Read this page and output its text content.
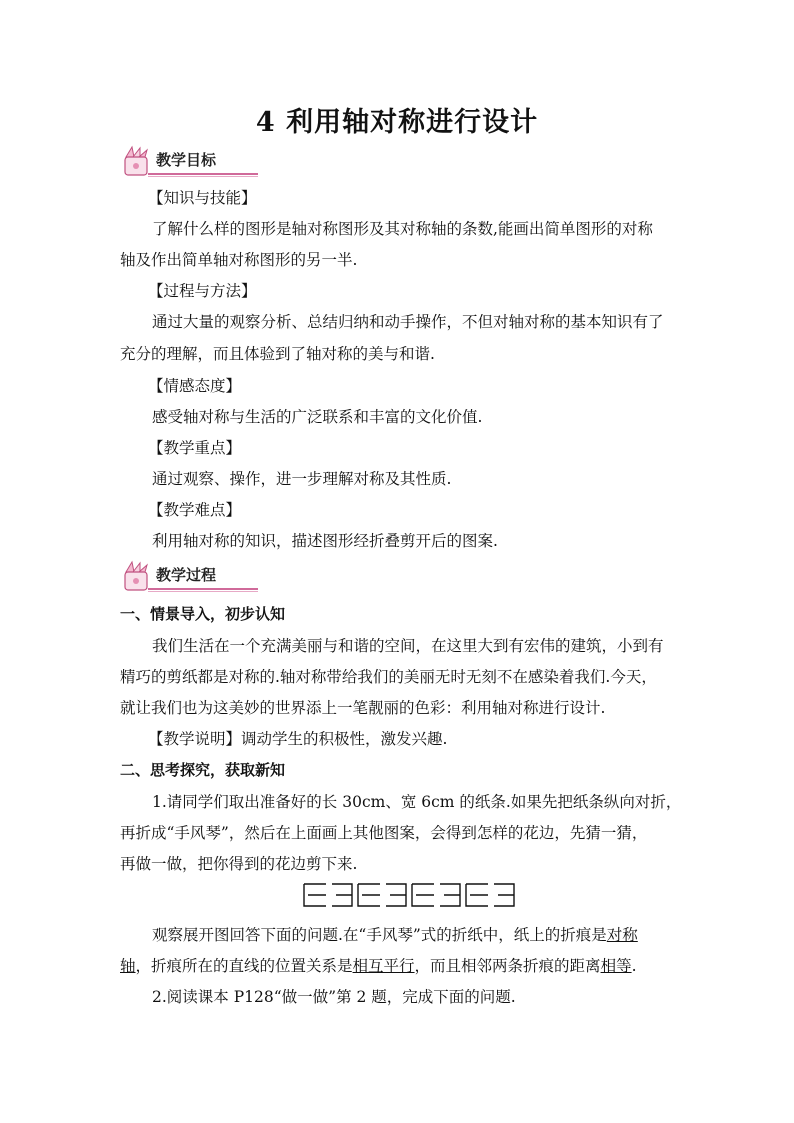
4 利用轴对称进行设计
教学目标
【知识与技能】
了解什么样的图形是轴对称图形及其对称轴的条数,能画出简单图形的对称
轴及作出简单轴对称图形的另一半.
【过程与方法】
通过大量的观察分析、总结归纳和动手操作，不但对轴对称的基本知识有了
充分的理解，而且体验到了轴对称的美与和谐.
【情感态度】
感受轴对称与生活的广泛联系和丰富的文化价值.
【教学重点】
通过观察、操作，进一步理解对称及其性质.
【教学难点】
利用轴对称的知识，描述图形经折叠剪开后的图案.
教学过程
一、情景导入，初步认知
我们生活在一个充满美丽与和谐的空间，在这里大到有宏伟的建筑，小到有
精巧的剪纸都是对称的.轴对称带给我们的美丽无时无刻不在感染着我们.今天，
就让我们也为这美妙的世界添上一笔靓丽的色彩：利用轴对称进行设计.
【教学说明】调动学生的积极性，激发兴趣.
二、思考探究，获取新知
1.请同学们取出准备好的长 30cm、宽 6cm 的纸条.如果先把纸条纵向对折，
再折成“手风琴”，然后在上面画上其他图案，会得到怎样的花边，先猜一猜，
再做一做，把你得到的花边剪下来.
观察展开图回答下面的问题.在“手风琴”式的折纸中，纸上的折痕是对称
轴，折痕所在的直线的位置关系是相互平行，而且相邻两条折痕的距离相等.
2.阅读课本 P128“做一做”第 2 题，完成下面的问题.
